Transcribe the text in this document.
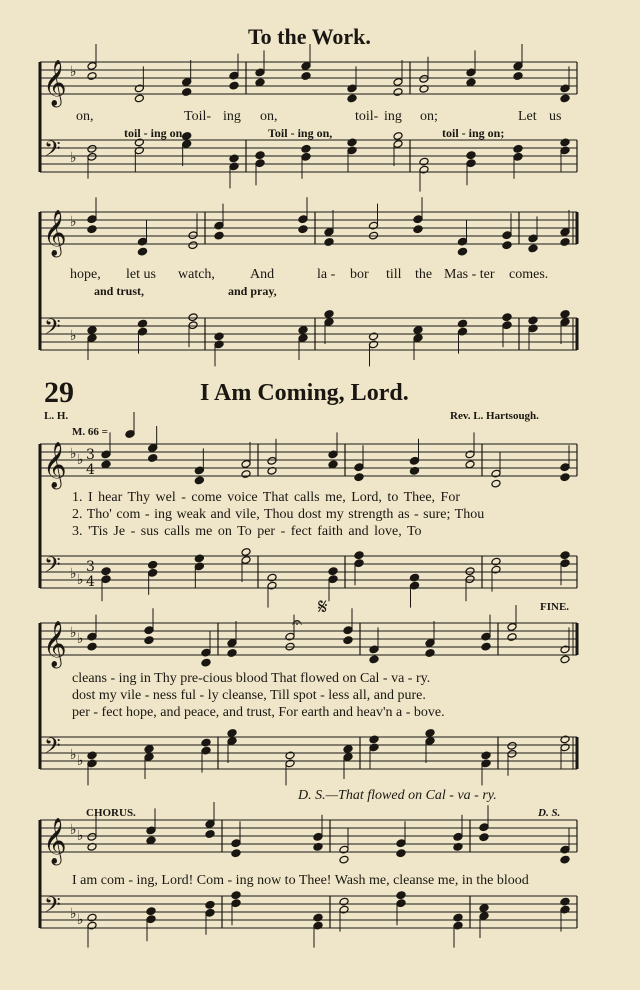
𝄞
𝄢
♭
♭
𝄞
𝄢
♭
♭
𝄞
𝄢
♭
♭
♭
♭
3
4
3
4
𝄞
𝄢
♭
♭
♭
♭
𝄞
𝄢
♭
♭
♭
♭
𝄐
𝄋
To the Work.
on,	Toil- ing on,	toil- ing on;	Let us
toil - ing on,	Toil - ing on,	toil - ing on;
hope, let us watch,	And	la - bor till the Mas - ter comes.
and trust,	and pray,
29	I Am Coming, Lord.
L. H.	Rev. L. Hartsough.
M. 66 =
1. I hear Thy wel - come voice That calls me, Lord, to Thee, For
2. Tho' com - ing weak and vile, Thou dost my strength as - sure; Thou
3. 'Tis Je - sus calls me on To per - fect faith and love, To
FINE.
cleans - ing in Thy pre-cious blood That flowed on Cal - va - ry.
dost my vile - ness ful - ly cleanse, Till spot - less all, and pure.
per - fect hope, and peace, and trust, For earth and heav'n a - bove.
D. S.—That flowed on Cal - va - ry.
CHORUS.	D. S.
I am com - ing, Lord! Com - ing now to Thee! Wash me, cleanse me, in the blood
